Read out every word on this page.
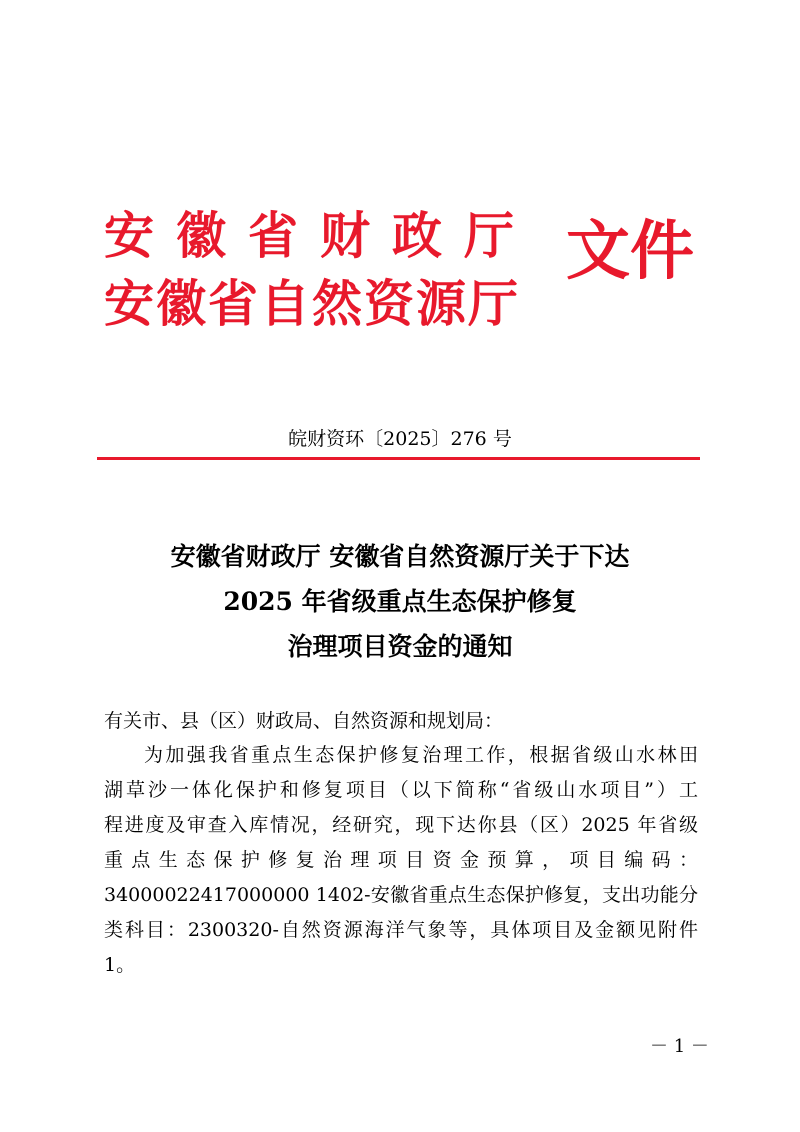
安徽省财政厅
安徽省自然资源厅
文件
皖财资环〔2025〕276 号
安徽省财政厅 安徽省自然资源厅关于下达
2025 年省级重点生态保护修复
治理项目资金的通知
有关市、县（区）财政局、自然资源和规划局：
为加强我省重点生态保护修复治理工作，根据省级山水林田
湖草沙一体化保护和修复项目（以下简称“省级山水项目”）工
程进度及审查入库情况，经研究，现下达你县（区）2025 年省级
重点生态保护修复治理项目资金预算，项目编码：
34000022417000000 1402-安徽省重点生态保护修复，支出功能分
类科目：2300320-自然资源海洋气象等，具体项目及金额见附件
1。
－ 1 －
